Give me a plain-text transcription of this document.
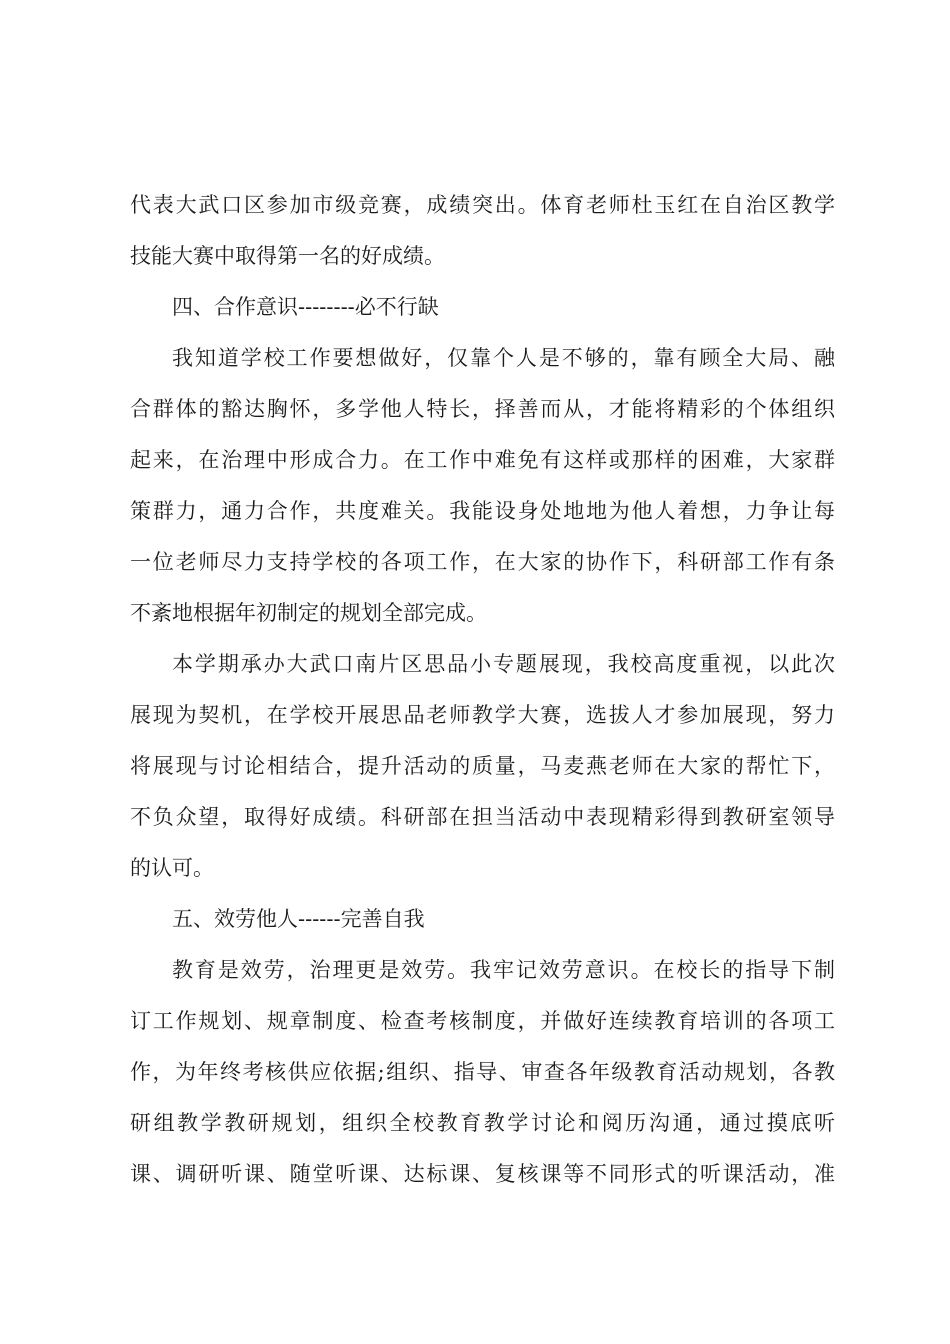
代表大武口区参加市级竞赛，成绩突出。体育老师杜玉红在自治区教学
技能大赛中取得第一名的好成绩。
四、合作意识--------必不行缺
我知道学校工作要想做好，仅靠个人是不够的，靠有顾全大局、融
合群体的豁达胸怀，多学他人特长，择善而从，才能将精彩的个体组织
起来，在治理中形成合力。在工作中难免有这样或那样的困难，大家群
策群力，通力合作，共度难关。我能设身处地地为他人着想，力争让每
一位老师尽力支持学校的各项工作，在大家的协作下，科研部工作有条
不紊地根据年初制定的规划全部完成。
本学期承办大武口南片区思品小专题展现，我校高度重视，以此次
展现为契机，在学校开展思品老师教学大赛，选拔人才参加展现，努力
将展现与讨论相结合，提升活动的质量，马麦燕老师在大家的帮忙下，
不负众望，取得好成绩。科研部在担当活动中表现精彩得到教研室领导
的认可。
五、效劳他人------完善自我
教育是效劳，治理更是效劳。我牢记效劳意识。在校长的指导下制
订工作规划、规章制度、检查考核制度，并做好连续教育培训的各项工
作，为年终考核供应依据;组织、指导、审查各年级教育活动规划，各教
研组教学教研规划，组织全校教育教学讨论和阅历沟通，通过摸底听
课、调研听课、随堂听课、达标课、复核课等不同形式的听课活动，准
